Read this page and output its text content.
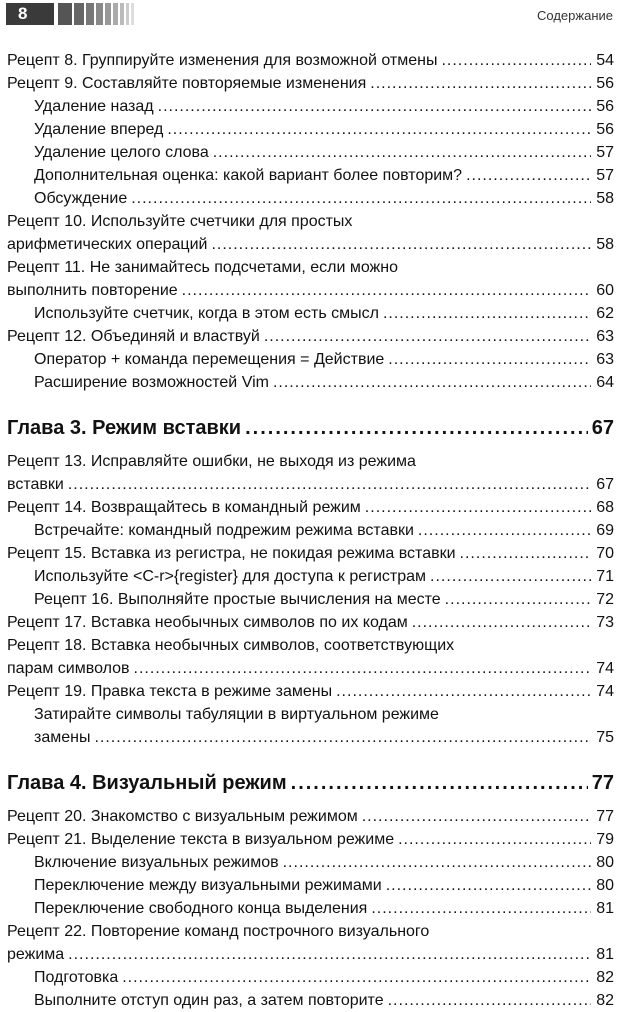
8	Содержание
Рецепт 8. Группируйте изменения для возможной отмены .....	54
Рецепт 9. Составляйте повторяемые изменения .....	56
Удаление назад .....	56
Удаление вперед .....	56
Удаление целого слова .....	57
Дополнительная оценка: какой вариант более повторим? .....	57
Обсуждение .....	58
Рецепт 10. Используйте счетчики для простых
арифметических операций .....	58
Рецепт 11. Не занимайтесь подсчетами, если можно
выполнить повторение .....	60
Используйте счетчик, когда в этом есть смысл .....	62
Рецепт 12. Объединяй и властвуй .....	63
Оператор + команда перемещения = Действие .....	63
Расширение возможностей Vim .....	64
Глава 3. Режим вставки .....	67
Рецепт 13. Исправляйте ошибки, не выходя из режима
вставки .....	67
Рецепт 14. Возвращайтесь в командный режим .....	68
Встречайте: командный подрежим режима вставки .....	69
Рецепт 15. Вставка из регистра, не покидая режима вставки .....	70
Используйте <C-r>{register} для доступа к регистрам .....	71
Рецепт 16. Выполняйте простые вычисления на месте .....	72
Рецепт 17. Вставка необычных символов по их кодам .....	73
Рецепт 18. Вставка необычных символов, соответствующих
парам символов .....	74
Рецепт 19. Правка текста в режиме замены .....	74
Затирайте символы табуляции в виртуальном режиме
замены .....	75
Глава 4. Визуальный режим .....	77
Рецепт 20. Знакомство с визуальным режимом .....	77
Рецепт 21. Выделение текста в визуальном режиме .....	79
Включение визуальных режимов .....	80
Переключение между визуальными режимами .....	80
Переключение свободного конца выделения .....	81
Рецепт 22. Повторение команд построчного визуального
режима .....	81
Подготовка .....	82
Выполните отступ один раз, а затем повторите .....	82
